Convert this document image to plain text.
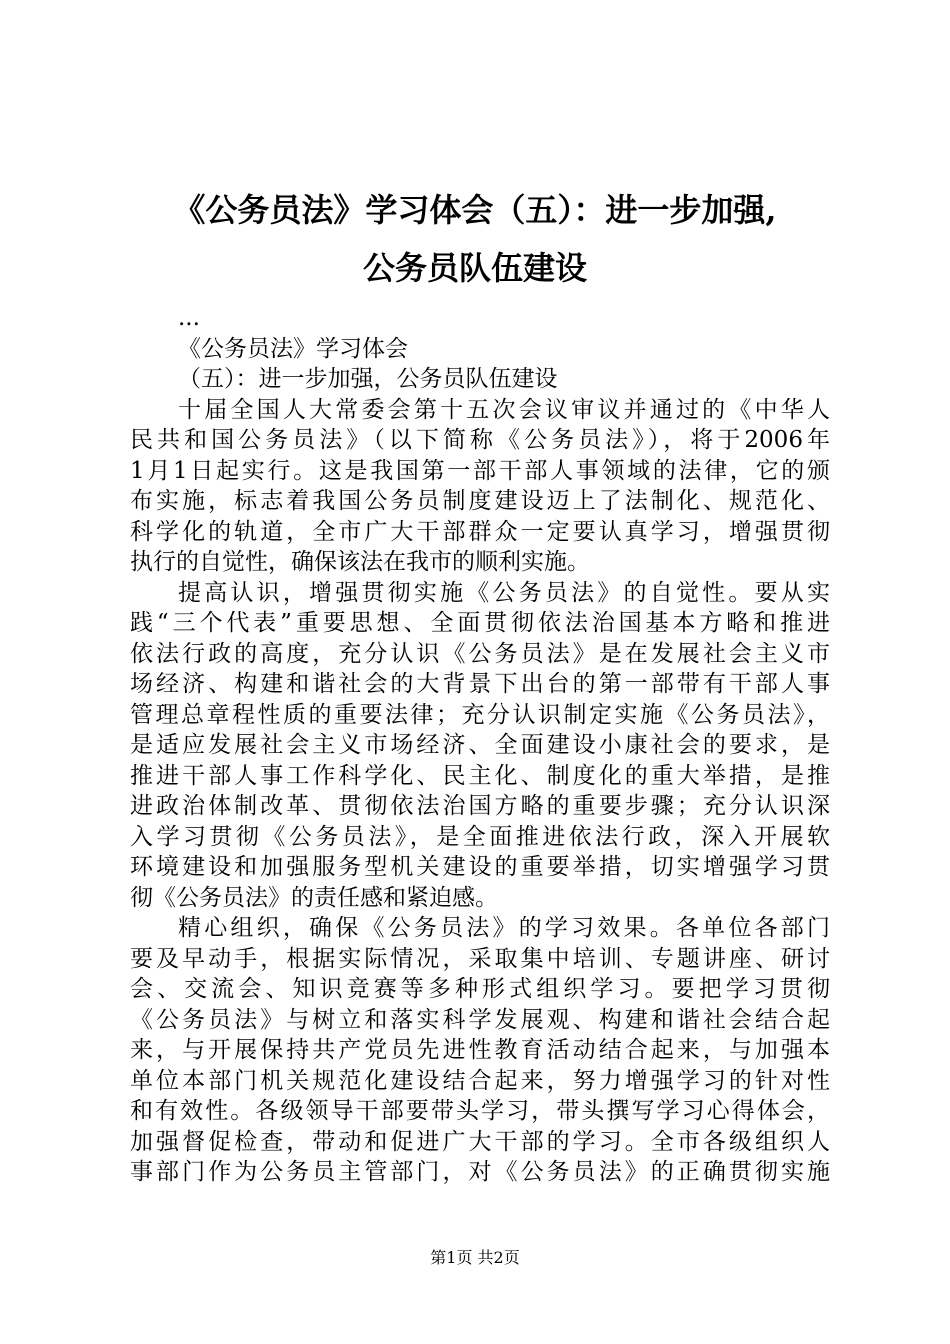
《公务员法》学习体会（五）：进一步加强,
公务员队伍建设
...
《公务员法》学习体会
（五）：进一步加强，公务员队伍建设
十届全国人大常委会第十五次会议审议并通过的《中华人
民共和国公务员法》（以下简称《公务员法》），将于2006年
1月1日起实行。这是我国第一部干部人事领域的法律，它的颁
布实施，标志着我国公务员制度建设迈上了法制化、规范化、
科学化的轨道，全市广大干部群众一定要认真学习，增强贯彻
执行的自觉性，确保该法在我市的顺利实施。
提高认识，增强贯彻实施《公务员法》的自觉性。要从实
践“三个代表”重要思想、全面贯彻依法治国基本方略和推进
依法行政的高度，充分认识《公务员法》是在发展社会主义市
场经济、构建和谐社会的大背景下出台的第一部带有干部人事
管理总章程性质的重要法律；充分认识制定实施《公务员法》，
是适应发展社会主义市场经济、全面建设小康社会的要求，是
推进干部人事工作科学化、民主化、制度化的重大举措，是推
进政治体制改革、贯彻依法治国方略的重要步骤；充分认识深
入学习贯彻《公务员法》，是全面推进依法行政，深入开展软
环境建设和加强服务型机关建设的重要举措，切实增强学习贯
彻《公务员法》的责任感和紧迫感。
精心组织，确保《公务员法》的学习效果。各单位各部门
要及早动手，根据实际情况，采取集中培训、专题讲座、研讨
会、交流会、知识竞赛等多种形式组织学习。要把学习贯彻
《公务员法》与树立和落实科学发展观、构建和谐社会结合起
来，与开展保持共产党员先进性教育活动结合起来，与加强本
单位本部门机关规范化建设结合起来，努力增强学习的针对性
和有效性。各级领导干部要带头学习，带头撰写学习心得体会，
加强督促检查，带动和促进广大干部的学习。全市各级组织人
事部门作为公务员主管部门，对《公务员法》的正确贯彻实施
第1页 共2页
